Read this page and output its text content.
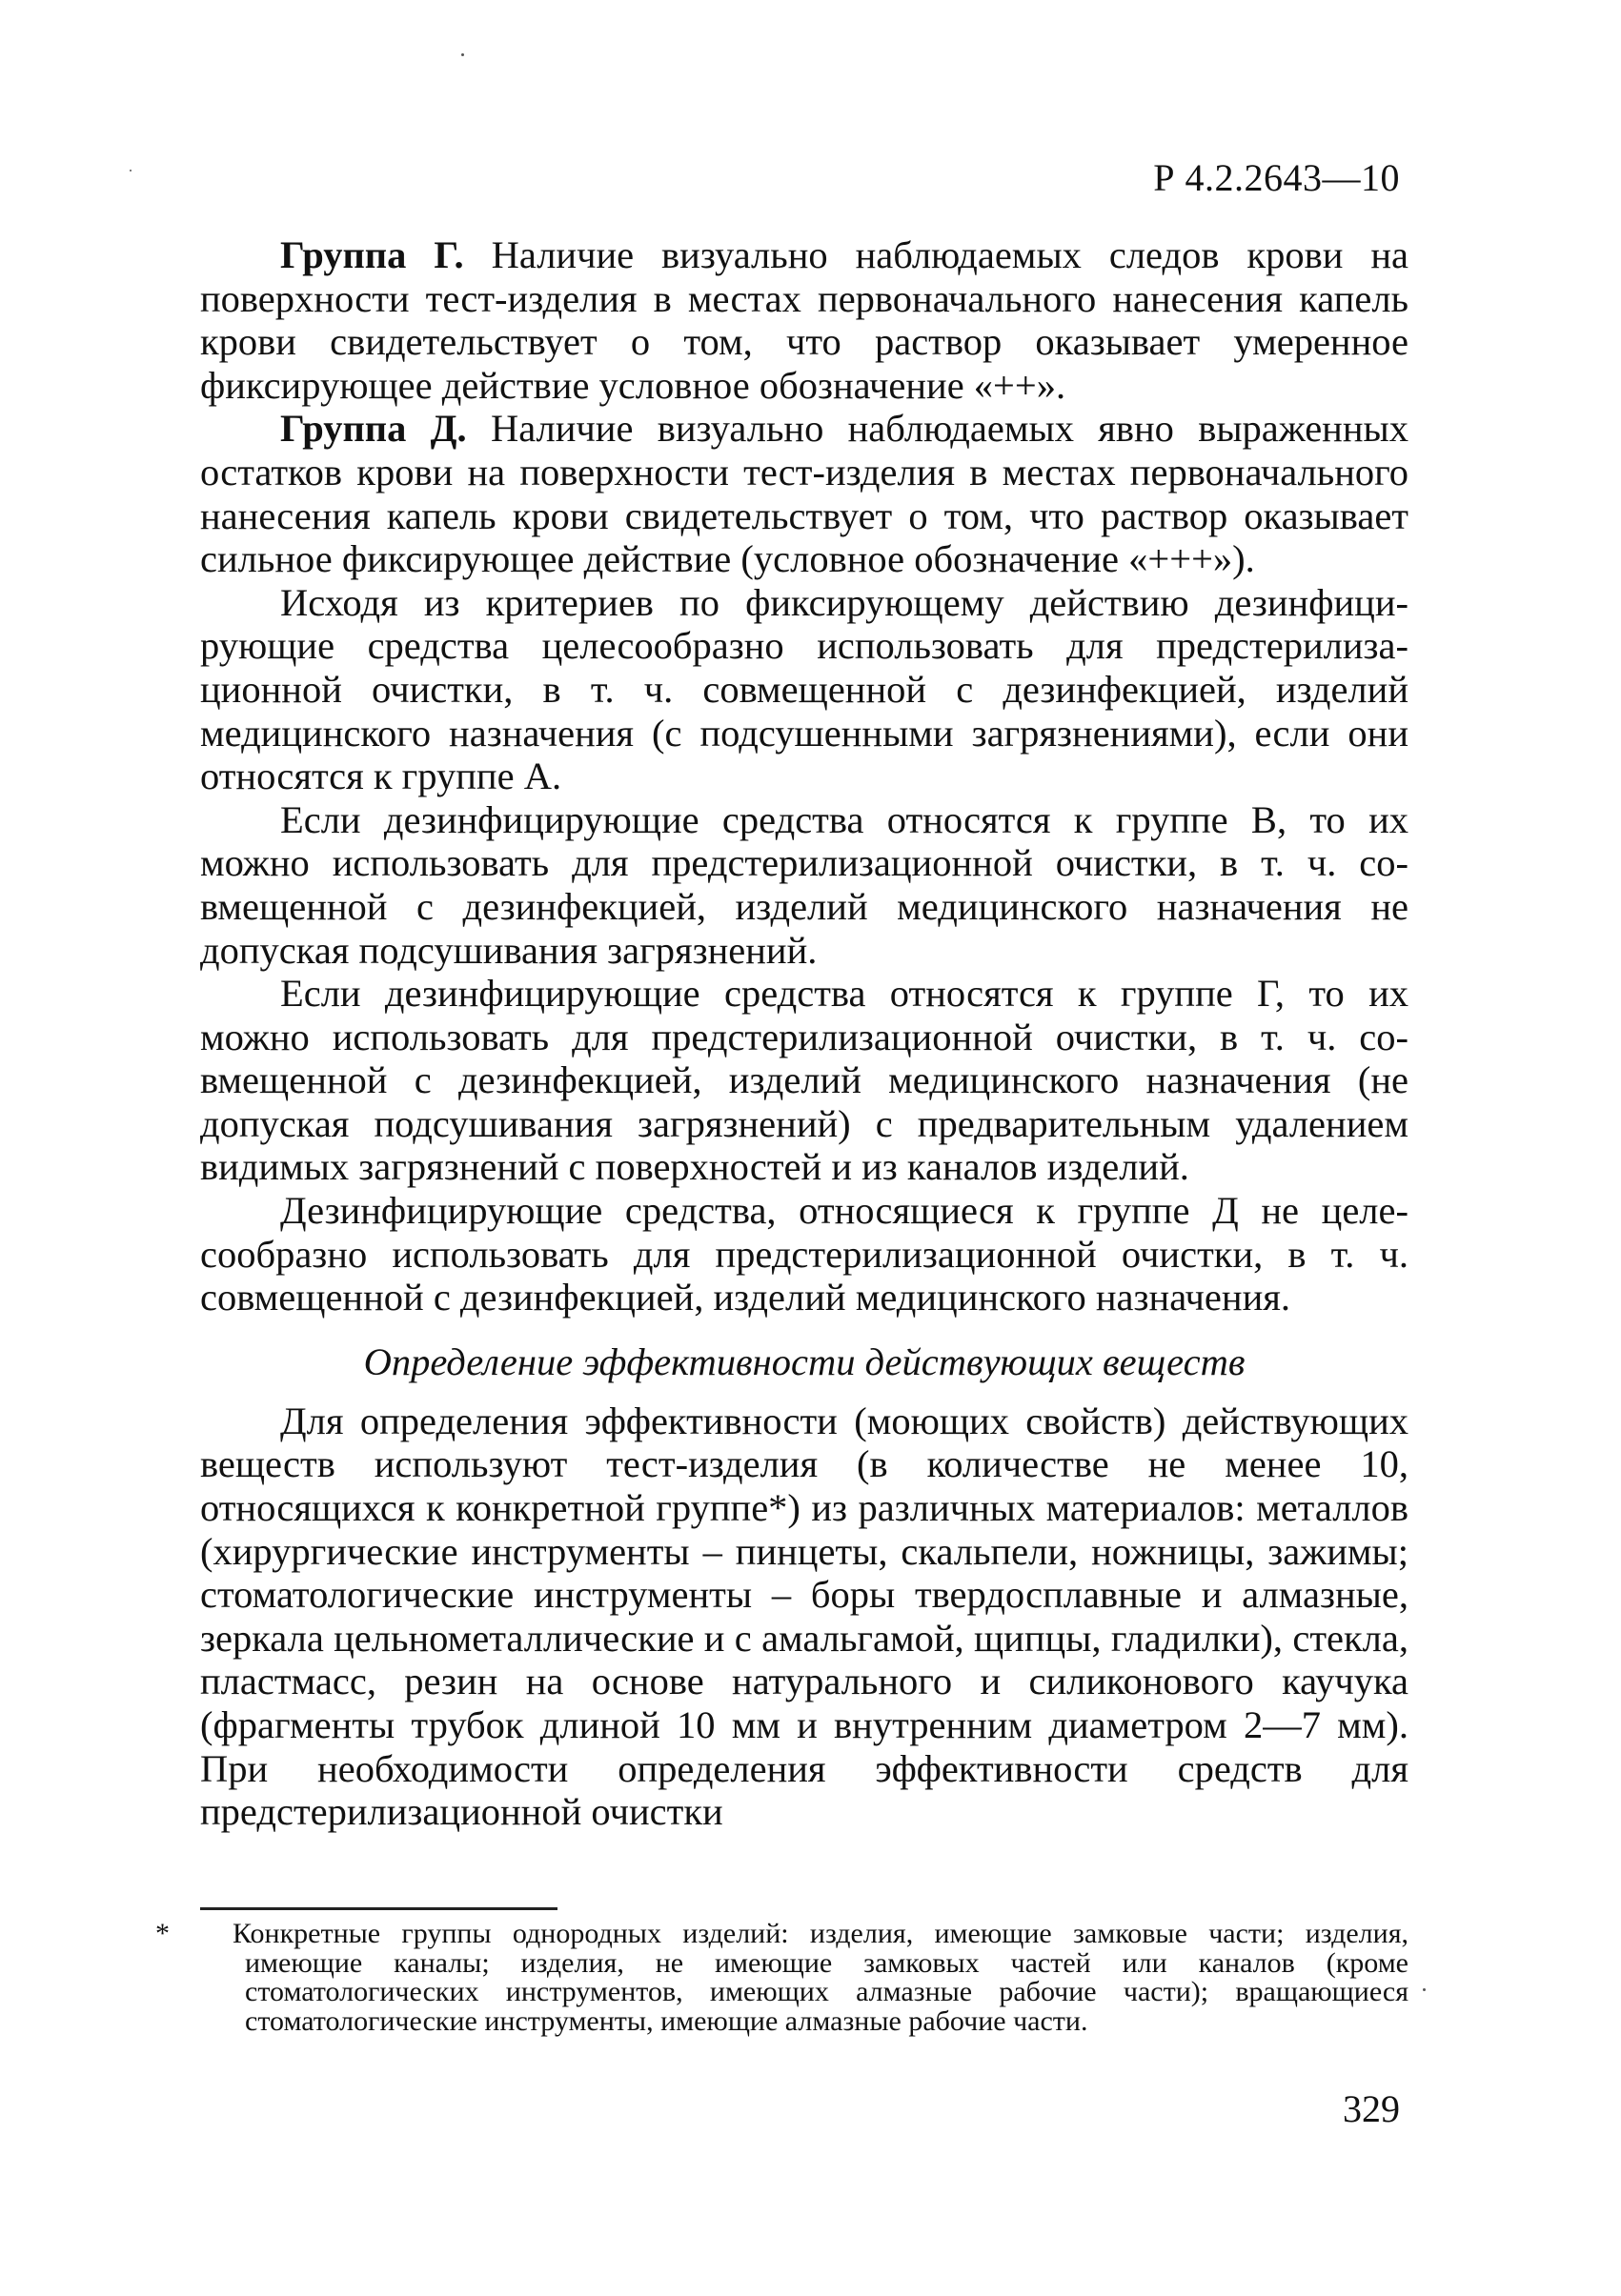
Р 4.2.2643—10

Группа Г. Наличие визуально наблюдаемых следов крови на поверхности тест-изделия в местах первоначального нанесения капель крови свидетельствует о том, что раствор оказывает умеренное фиксирующее действие условное обозначение «++».

Группа Д. Наличие визуально наблюдаемых явно выраженных остатков крови на поверхности тест-изделия в местах первоначального нанесения капель крови свидетельствует о том, что раствор оказывает сильное фиксирующее действие (условное обозначение «+++»).

Исходя из критериев по фиксирующему действию дезинфицирующие средства целесообразно использовать для предстерилизационной очистки, в т. ч. совмещенной с дезинфекцией, изделий медицинского назначения (с подсушенными загрязнениями), если они относятся к группе А.

Если дезинфицирующие средства относятся к группе В, то их можно использовать для предстерилизационной очистки, в т. ч. совмещенной с дезинфекцией, изделий медицинского назначения не допуская подсушивания загрязнений.

Если дезинфицирующие средства относятся к группе Г, то их можно использовать для предстерилизационной очистки, в т. ч. совмещенной с дезинфекцией, изделий медицинского назначения (не допуская подсушивания загрязнений) с предварительным удалением видимых загрязнений с поверхностей и из каналов изделий.

Дезинфицирующие средства, относящиеся к группе Д не целесообразно использовать для предстерилизационной очистки, в т. ч. совмещенной с дезинфекцией, изделий медицинского назначения.

Определение эффективности действующих веществ

Для определения эффективности (моющих свойств) действующих веществ используют тест-изделия (в количестве не менее 10, относящихся к конкретной группе*) из различных материалов: металлов (хирургические инструменты – пинцеты, скальпели, ножницы, зажимы; стоматологические инструменты – боры твердосплавные и алмазные, зеркала цельнометаллические и с амальгамой, щипцы, гладилки), стекла, пластмасс, резин на основе натурального и силиконового каучука (фрагменты трубок длиной 10 мм и внутренним диаметром 2—7 мм). При необходимости определения эффективности средств для предстерилизационной очистки

* Конкретные группы однородных изделий: изделия, имеющие замковые части; изделия, имеющие каналы; изделия, не имеющие замковых частей или каналов (кроме стоматологических инструментов, имеющих алмазные рабочие части); вращающиеся стоматологические инструменты, имеющие алмазные рабочие части.
329
